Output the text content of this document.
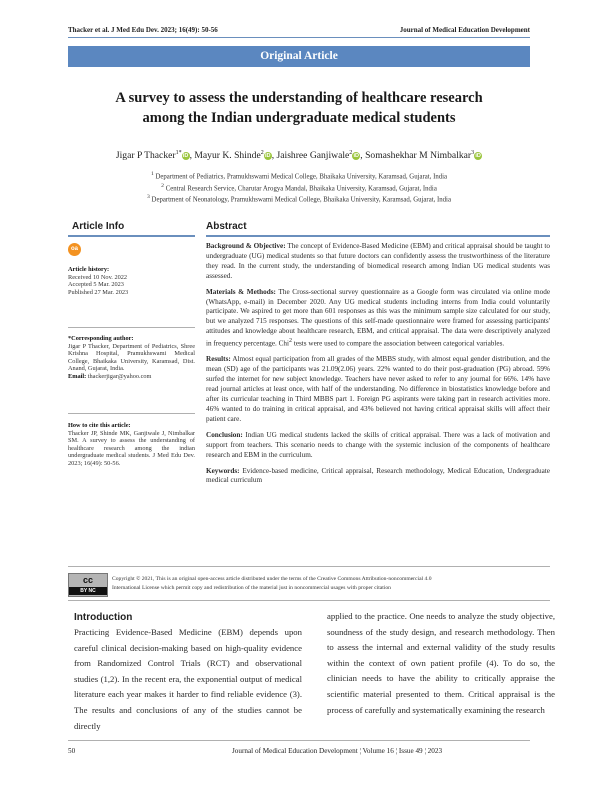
Thacker et al. J Med Edu Dev. 2023; 16(49): 50-56	Journal of Medical Education Development
Original Article
A survey to assess the understanding of healthcare research
among the Indian undergraduate medical students
Jigar P Thacker$^{1*}$iD, Mayur K. Shinde$^2$iD, Jaishree Ganjiwale$^2$iD, Somashekhar M Nimbalkar$^3$iD
$^1$ Department of Pediatrics, Pramukhswami Medical College, Bhaikaka University, Karamsad, Gujarat, India
$^2$ Central Research Service, Charutar Arogya Mandal, Bhaikaka University, Karamsad, Gujarat, India
$^3$ Department of Neonatology, Pramukhswami Medical College, Bhaikaka University, Karamsad, Gujarat, India
Article Info	Abstract
oa
Article history:
Received 10 Nov. 2022
Accepted 5 Mar. 2023
Published 27 Mar. 2023
*Corresponding author:
Jigar P Thacker, Department of Pediatrics, Shree Krishna Hospital, Pramukhswami Medical College, Bhaikaka University, Karamsad, Dist. Anand, Gujarat, India.
Email: thackerjigar@yahoo.com
How to cite this article:
Thacker JP, Shinde MK, Ganjiwale J, Nimbalkar SM. A survey to assess the understanding of healthcare research among the indian undergraduate medical students. J Med Edu Dev. 2023; 16(49): 50-56.

Background & Objective: The concept of Evidence-Based Medicine (EBM) and critical appraisal should be taught to undergraduate (UG) medical students so that future doctors can confidently assess the trustworthiness of the literature they read. In the current study, the understanding of biomedical research among Indian UG medical students was assessed.

Materials & Methods: The Cross-sectional survey questionnaire as a Google form was circulated via online mode (WhatsApp, e-mail) in December 2020. Any UG medical students including interns from India could voluntarily participate. We aspired to get more than 601 responses as this was the minimum sample size calculated for our study, but we analyzed 715 responses. The questions of this self-made questionnaire were framed for assessing participants' attitudes and knowledge about healthcare research, EBM, and critical appraisal. The data were descriptively analyzed in frequency percentage. Chi$^2$ tests were used to compare the association between categorical variables.

Results: Almost equal participation from all grades of the MBBS study, with almost equal gender distribution, and the mean (SD) age of the participants was 21.09(2.06) years. 22% wanted to do their post-graduation (PG) abroad. 59% surfed the internet for new subject knowledge. Teachers have never asked to refer to any journal for 66%. 14% have read journal articles at least once, with half of the understanding. No difference in biostatistics knowledge before and after its curricular teaching in Third MBBS part 1. Foreign PG aspirants were taking part in research activities more. 46% wanted to do training in critical appraisal, and 43% believed not having critical appraisal skills will affect their patient care.

Conclusion: Indian UG medical students lacked the skills of critical appraisal. There was a lack of motivation and support from teachers. This scenario needs to change with the systemic inclusion of the components of healthcare research and EBM in the curriculum.

Keywords: Evidence-based medicine, Critical appraisal, Research methodology, Medical Education, Undergraduate medical curriculum

cc
BY NC
Copyright © 2021, This is an original open-access article distributed under the terms of the Creative Commons Attribution-noncommercial 4.0
International License which permit copy and redistribution of the material just in noncommercial usages with proper citation
Introduction
Practicing Evidence-Based Medicine (EBM) depends upon careful clinical decision-making based on high-quality evidence from Randomized Control Trials (RCT) and observational studies (1,2). In the recent era, the exponential output of medical literature each year makes it harder to find reliable evidence (3). The results and conclusions of any of the studies cannot be directly
applied to the practice. One needs to analyze the study objective, soundness of the study design, and research methodology. Then to assess the internal and external validity of the study results within the context of own patient profile (4). To do so, the clinician needs to have the ability to critically appraise the scientific material presented to them. Critical appraisal is the process of carefully and systematically examining the research
50	Journal of Medical Education Development ¦ Volume 16 ¦ Issue 49 ¦ 2023
